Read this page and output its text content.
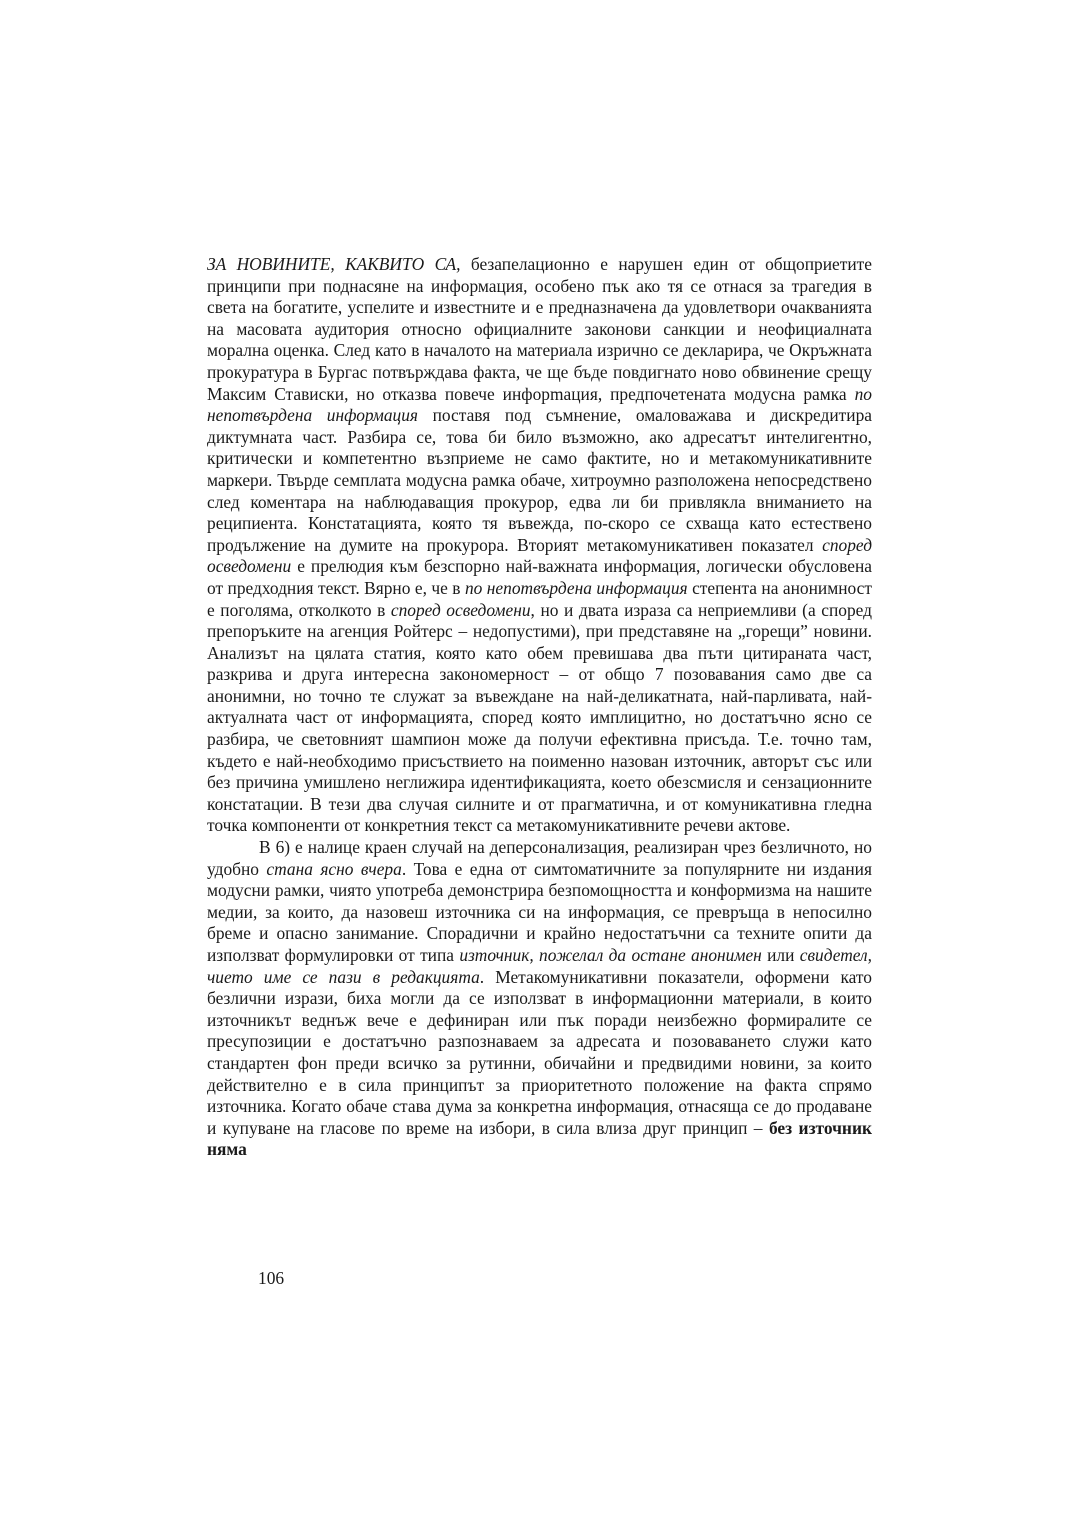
ЗА НОВИНИТЕ, КАКВИТО СА, безапелационно е нарушен един от общоприетите принципи при поднасяне на информация, особено пък ако тя се отнася за трагедия в света на богатите, успелите и известните и е предназначена да удовлетвори очакванията на масовата аудитория относно официалните законови санкции и неофициалната морална оценка. След като в началото на материала изрично се декларира, че Окръжната прокуратура в Бургас потвърждава факта, че ще бъде повдигнато ново обвинение срещу Максим Стависки, но отказва повече инфорmация, предпочетената модусна рамка по непотвърдена информация поставя под съмнение, омаловажава и дискредитира диктумната част. Разбира се, това би било възможно, ако адресатът интелигентно, критически и компетентно възприеме не само фактите, но и метакомуникативните маркери. Твърде семплата модусна рамка обаче, хитроумно разположена непосредствено след коментара на наблюдаващия прокурор, едва ли би привлякла вниманието на реципиента. Констатацията, която тя въвежда, по-скоро се схваща като естествено продължение на думите на прокурора. Вторият метакомуникативен показател според осведомени е прелюдия към безспорно най-важната информация, логически обусловена от предходния текст. Вярно е, че в по непотвърдена информация степента на анонимност е поголяма, отколкото в според осведомени, но и двата израза са неприемливи (а според препоръките на агенция Ройтерс – недопустими), при представяне на „горещи” новини. Анализът на цялата статия, която като обем превишава два пъти цитираната част, разкрива и друга интересна закономерност – от общо 7 позовавания само две са анонимни, но точно те служат за въвеждане на най-деликатната, най-парливата, най-актуалната част от информацията, според която имплицитно, но достатъчно ясно се разбира, че световният шампион може да получи ефективна присъда. Т.е. точно там, където е най-необходимо присъствието на поименно назован източник, авторът със или без причина умишлено неглижира идентификацията, което обезсмисля и сензационните констатации. В тези два случая силните и от прагматична, и от комуникативна гледна точка компоненти от конкретния текст са метакомуникативните речеви актове.

В 6) е налице краен случай на деперсонализация, реализиран чрез безличното, но удобно стана ясно вчера. Това е една от симтоматичните за популярните ни издания модусни рамки, чиято употреба демонстрира безпомощността и конформизма на нашите медии, за които, да назовеш източника си на информация, се превръща в непосилно бреме и опасно занимание. Спорадични и крайно недостатъчни са техните опити да използват формулировки от типа източник, пожелал да остане анонимен или свидетел, чието име се пази в редакцията. Метакомуникативни показатели, оформени като безлични изрази, биха могли да се използват в информационни материали, в които източникът веднъж вече е дефиниран или пък поради неизбежно формиралите се пресупозиции е достатъчно разпознаваем за адресата и позоваването служи като стандартен фон преди всичко за рутинни, обичайни и предвидими новини, за които действително е в сила принципът за приоритетното положение на факта спрямо източника. Когато обаче става дума за конкретна информация, отнасяща се до продаване и купуване на гласове по време на избори, в сила влиза друг принцип – без източник няма

106
